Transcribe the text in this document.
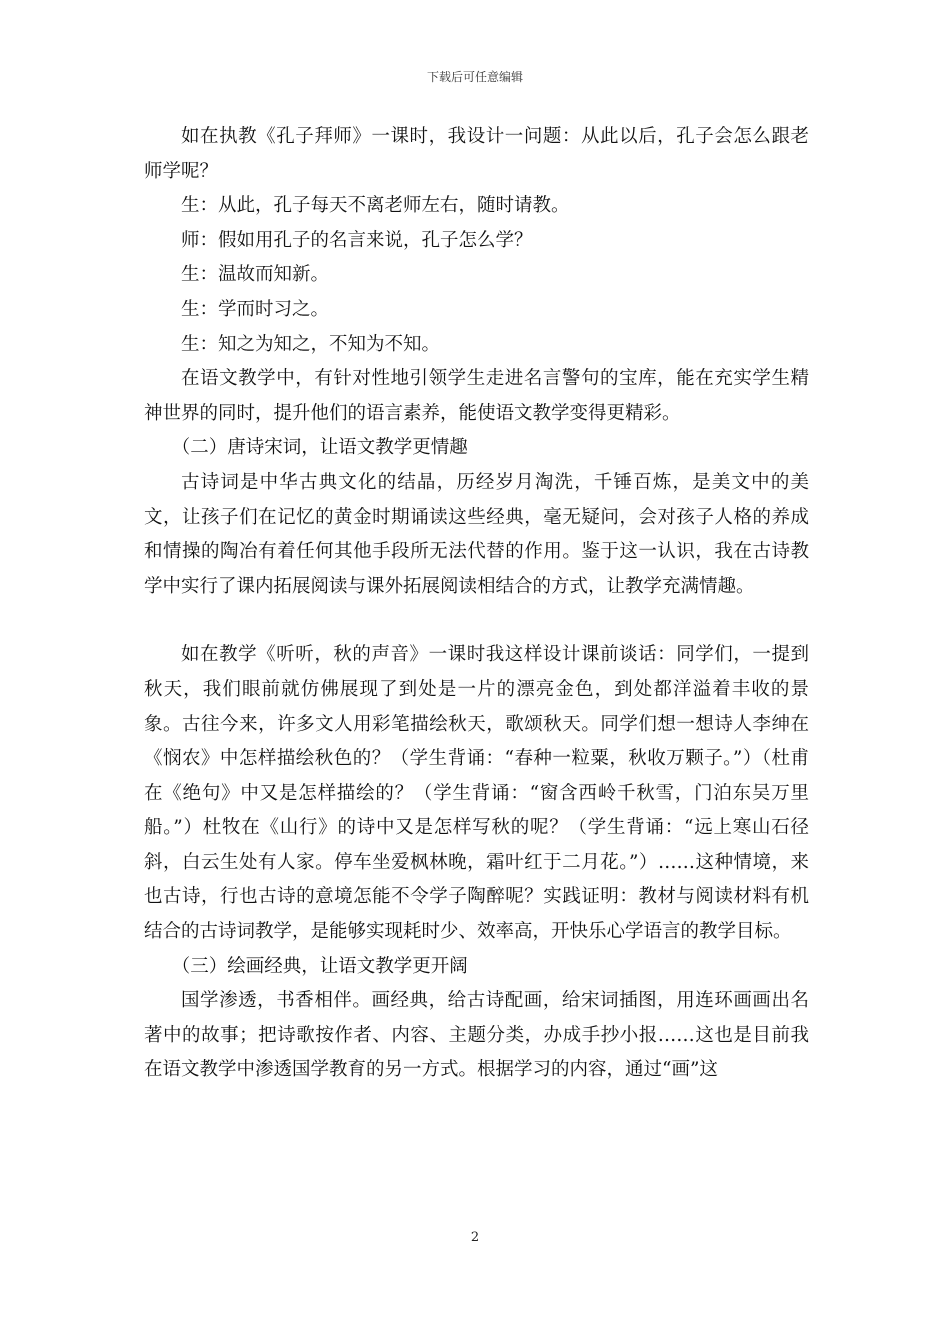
下载后可任意编辑

如在执教《孔子拜师》一课时，我设计一问题：从此以后，孔子会怎么跟老师学呢？

生：从此，孔子每天不离老师左右，随时请教。

师：假如用孔子的名言来说，孔子怎么学？

生：温故而知新。

生：学而时习之。

生：知之为知之，不知为不知。

在语文教学中，有针对性地引领学生走进名言警句的宝库，能在充实学生精神世界的同时，提升他们的语言素养，能使语文教学变得更精彩。

（二）唐诗宋词，让语文教学更情趣

古诗词是中华古典文化的结晶，历经岁月淘洗，千锤百炼，是美文中的美文，让孩子们在记忆的黄金时期诵读这些经典，毫无疑问，会对孩子人格的养成和情操的陶冶有着任何其他手段所无法代替的作用。鉴于这一认识，我在古诗教学中实行了课内拓展阅读与课外拓展阅读相结合的方式，让教学充满情趣。

如在教学《听听，秋的声音》一课时我这样设计课前谈话：同学们，一提到秋天，我们眼前就仿佛展现了到处是一片的漂亮金色，到处都洋溢着丰收的景象。古往今来，许多文人用彩笔描绘秋天，歌颂秋天。同学们想一想诗人李绅在《悯农》中怎样描绘秋色的？（学生背诵：“春种一粒粟，秋收万颗子。”）（杜甫在《绝句》中又是怎样描绘的？（学生背诵：“窗含西岭千秋雪，门泊东吴万里船。”）杜牧在《山行》的诗中又是怎样写秋的呢？（学生背诵：“远上寒山石径斜，白云生处有人家。停车坐爱枫林晚，霜叶红于二月花。”）……这种情境，来也古诗，行也古诗的意境怎能不令学子陶醉呢？实践证明：教材与阅读材料有机结合的古诗词教学，是能够实现耗时少、效率高，开快乐心学语言的教学目标。

（三）绘画经典，让语文教学更开阔

国学渗透，书香相伴。画经典，给古诗配画，给宋词插图，用连环画画出名著中的故事；把诗歌按作者、内容、主题分类，办成手抄小报……这也是目前我在语文教学中渗透国学教育的另一方式。根据学习的内容，通过“画”这

2
